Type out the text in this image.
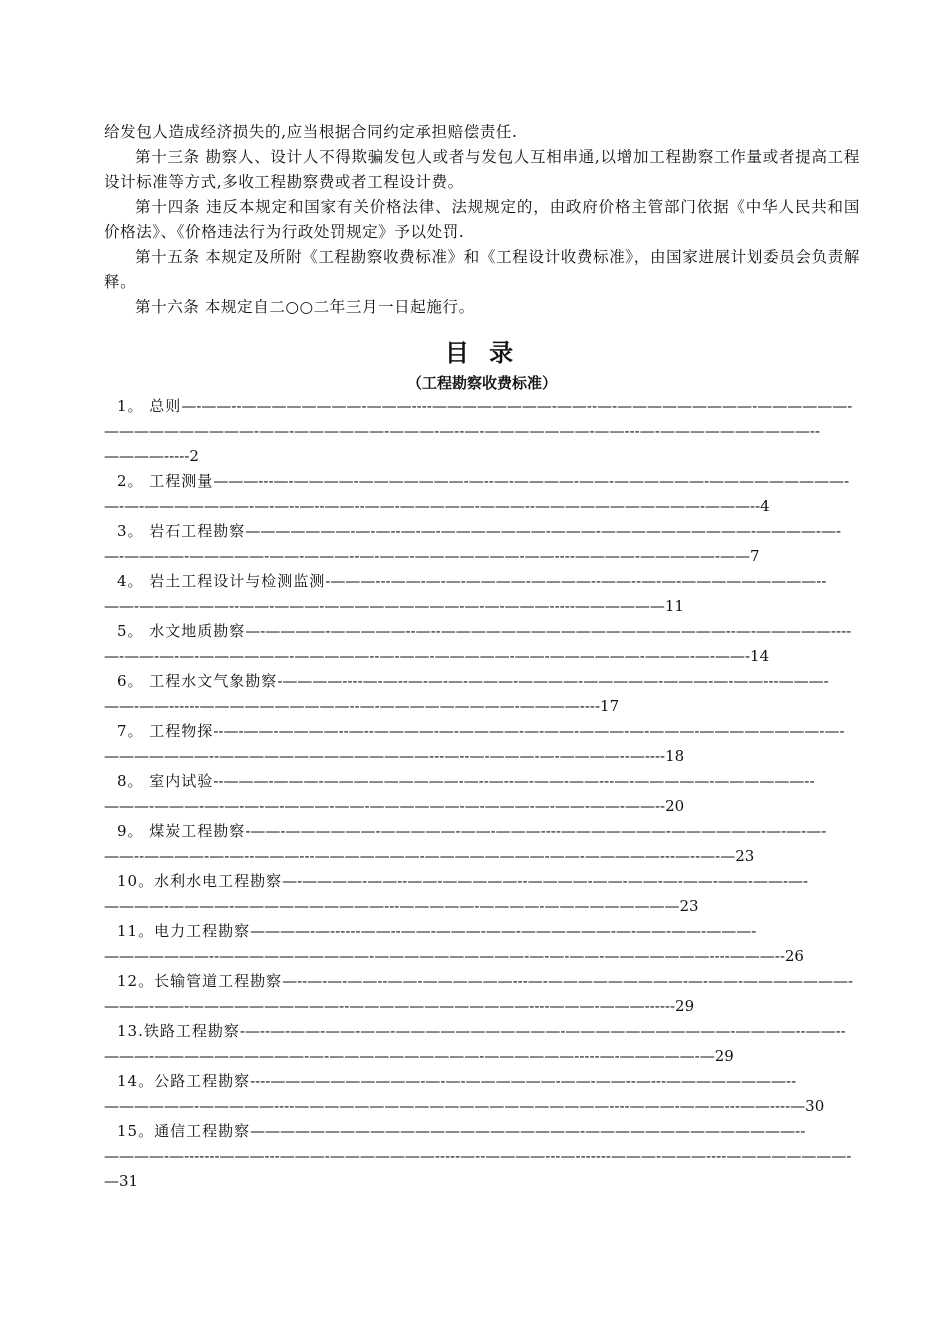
给发包人造成经济损失的,应当根据合同约定承担赔偿责任.

第十三条 勘察人、设计人不得欺骗发包人或者与发包人互相串通,以增加工程勘察工作量或者提高工程设计标准等方式,多收工程勘察费或者工程设计费。

第十四条 违反本规定和国家有关价格法律、法规规定的，由政府价格主管部门依据《中华人民共和国价格法》、《价格违法行为行政处罚规定》予以处罚.

第十五条 本规定及所附《工程勘察收费标准》和《工程设计收费标准》，由国家进展计划委员会负责解释。

第十六条 本规定自二○○二年三月一日起施行。

目 录
（工程勘察收费标准）
1。 总则—-——--————————-———----————————-——--—-—————————-——————-——————————-——-——————-———-—--—-———————-——---—-——————————--————-----2
2。 工程测量———---—-————-———————-—--—-————-——-——————-—————————-—-—-———————-—-—--—--——--——-—————-———--———————————-———--4
3。 岩石工程勘察———————-—-—--—-—-———————-———-——————————-————-—-—-————-—————-——-———--—-——-———————-——----————-—————-——7
4。 岩土工程设计与检测监测-———---——-—-—-————-————--——--—-—-—————————--——-——————--——-———-—————————-—-—-———-----——————11
5。 水文地质勘察—-————-—————--—--———————————————————--—-—————----—-——-—-—-——————-—————--—-——-—————-——-——————-———-—-——-14
6。 工程水文气象勘察-————----—-—--—-—-—-———-————-—————-———-—-——---———-——-——------——————————--—-—————————-————----17
7。 工程物探--—-——-————--—--————-—-————-—-——-———-—-———-————————-—-———————--——————————————---—--—-———-—-————--—----18
8。 室内试验--———-———-—————————-—--—--—-——-——---—-—————-——————--———-———-—-—-—-—-———-——-——————-—-———-—-——-——-——--20
9。 煤炭工程勘察-——-——————-—————-——-———----———————-——————-—-—-—-——--————-—-—--———---———————-————————-——-—————---—--—-—23
10。水利水电工程勘察—-————-——--——-—————--————-——-——-—-——-——-——-—-————-————-——————————---—————-————-—————————23
11。电力工程勘察————-—------——--——-———-——-——————-—-——-——-———-———————--——————————-——————————-—-—-——-———————----———--26
12。长输管道工程勘察—--—-—-——--——-——————---—-—————————-—-——-———————-———-——-——————————--————————————----———-———------29
13.铁路工程勘察-—--—-——-——-——-———————————-———————————-————--——--———-——————————-—-——————————-——————-----—-—————-—29
14。公路工程勘察----——————————-—-—-——————-——-——--—---————————--——————-—————----—————————————————————----———-———---——----—30
15。通信工程勘察——————————————————————-——————————————--————-—-------———---———-———————-----—--————---—-------———-———----————————-—31
